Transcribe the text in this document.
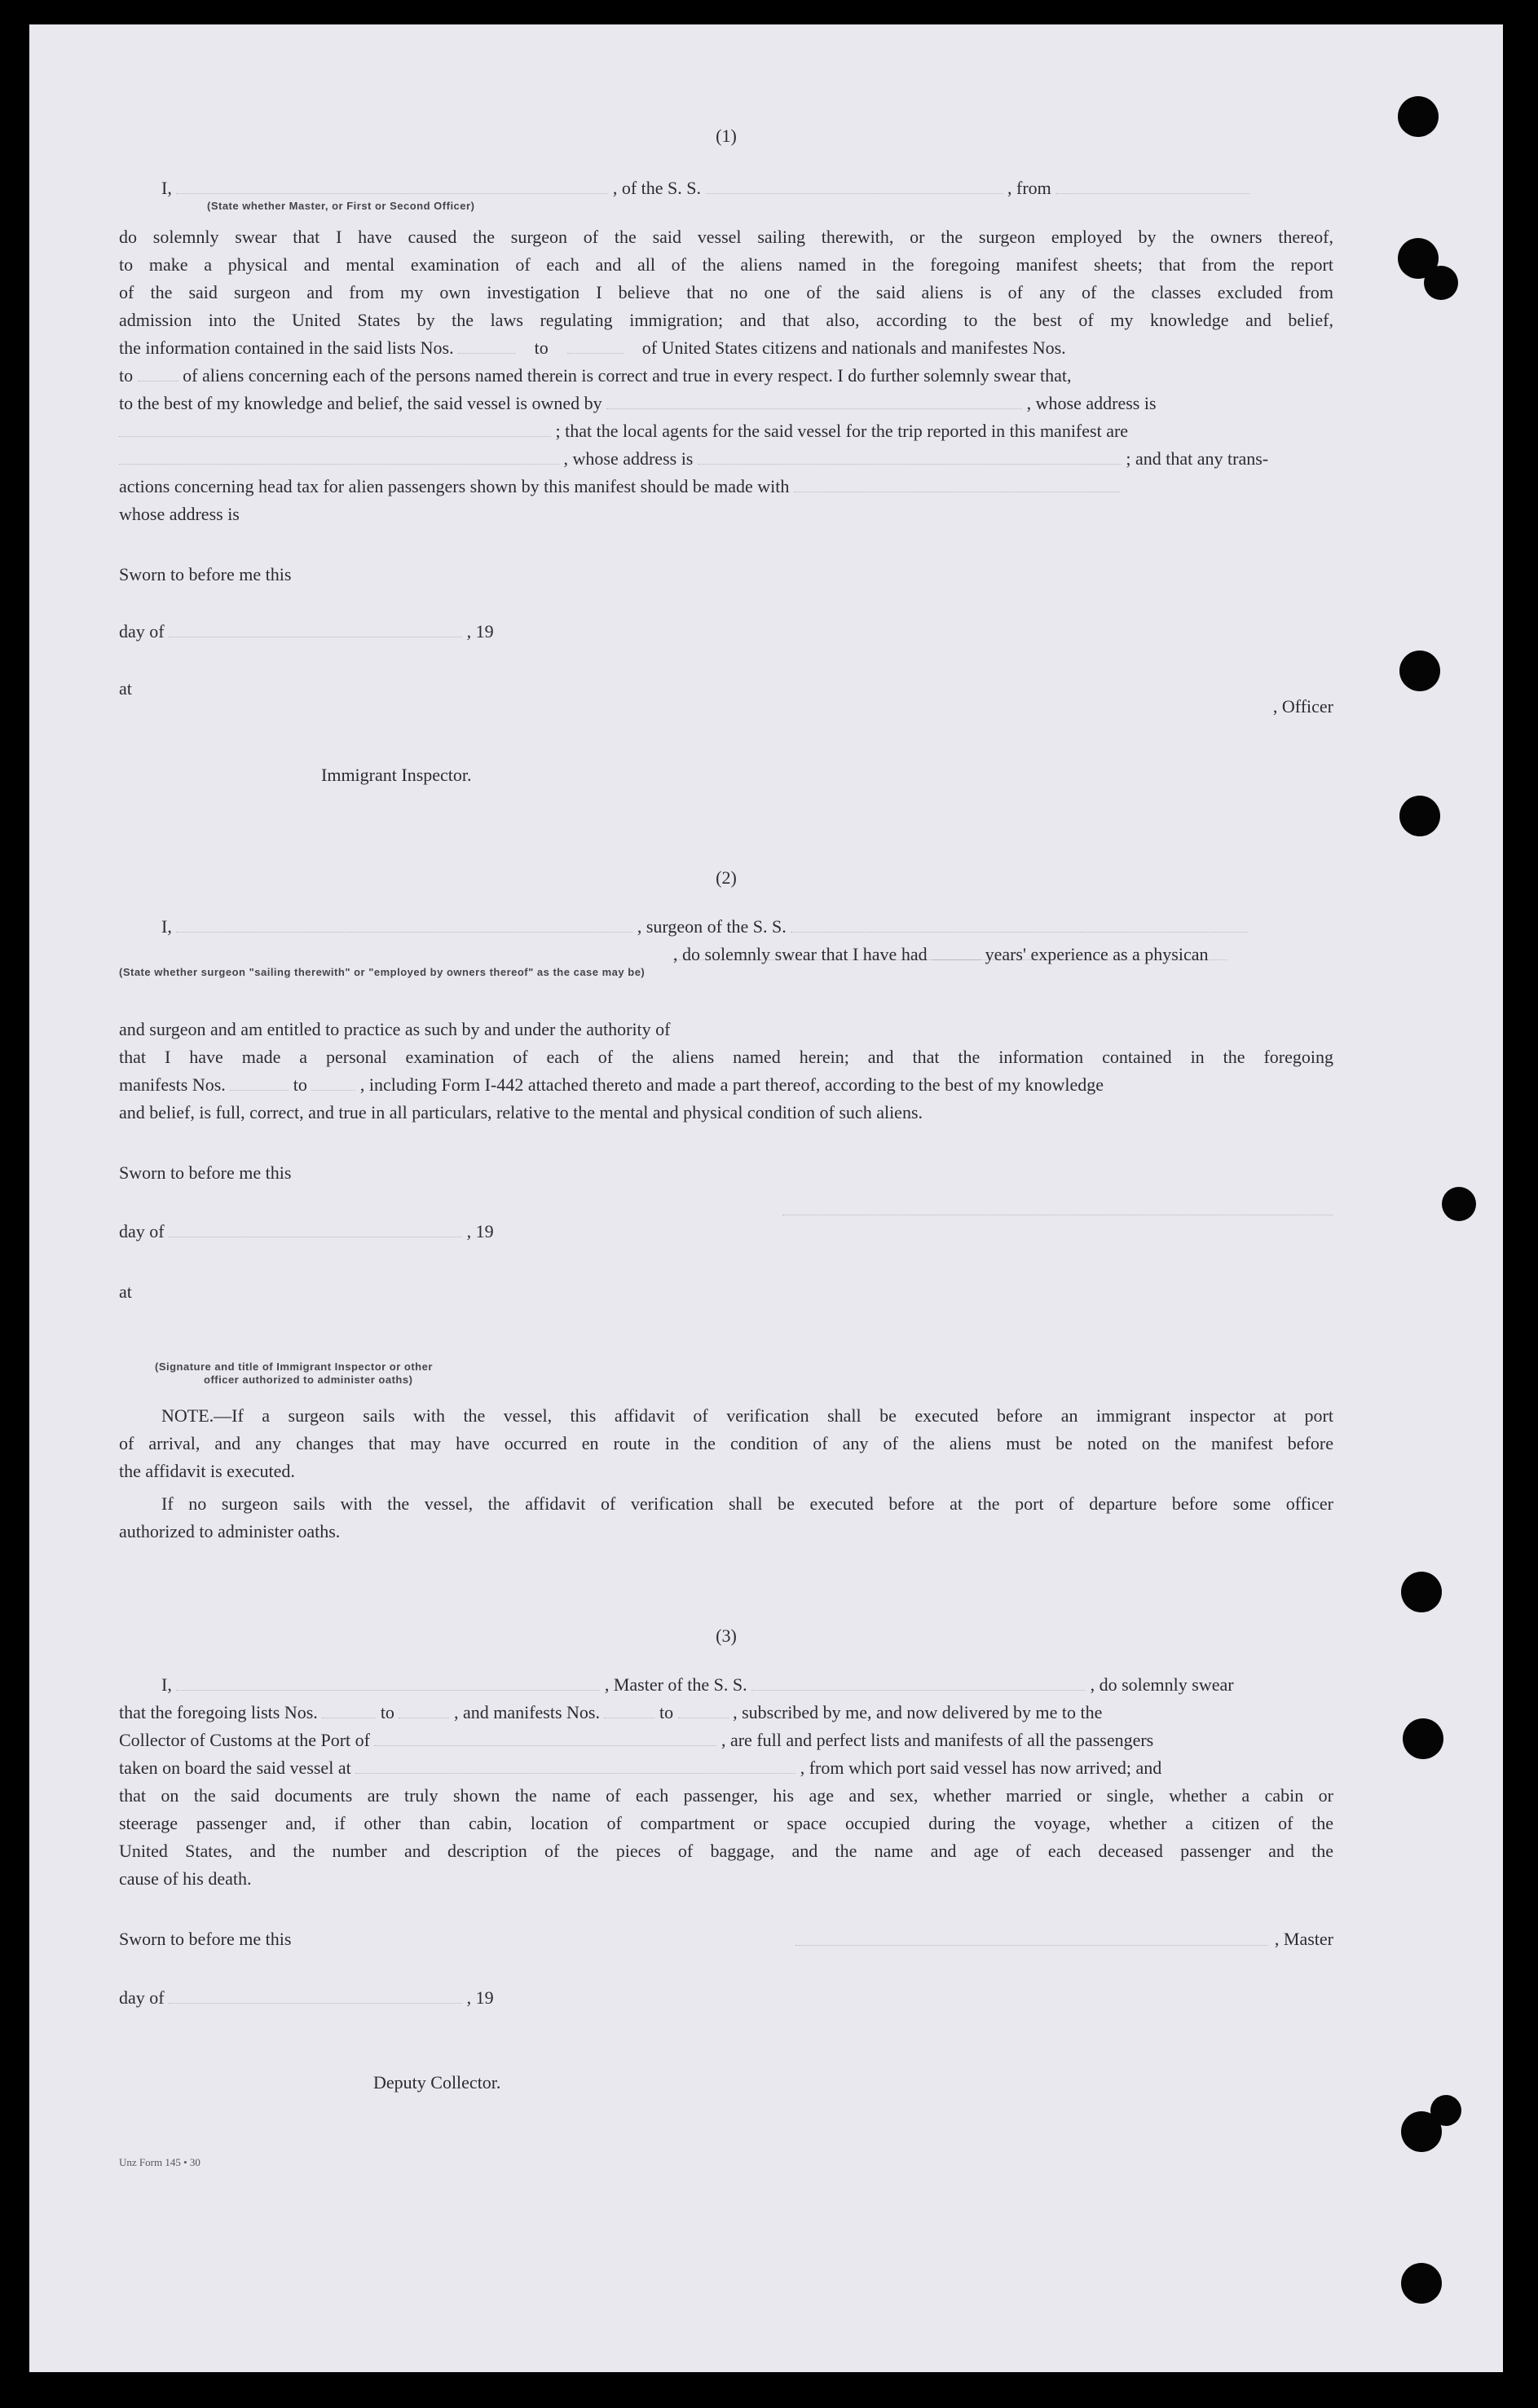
(1)
I,	, of the S. S.	, from
(State whether Master, or First or Second Officer)
do solemnly swear that I have caused the surgeon of the said vessel sailing therewith, or the surgeon employed by the owners thereof,
to make a physical and mental examination of each and all of the aliens named in the foregoing manifest sheets; that from the report
of the said surgeon and from my own investigation I believe that no one of the said aliens is of any of the classes excluded from
admission into the United States by the laws regulating immigration; and that also, according to the best of my knowledge and belief,
the information contained in the said lists Nos.	to	of United States citizens and nationals and manifestes Nos.
to	of aliens concerning each of the persons named therein is correct and true in every respect. I do further solemnly swear that,
to the best of my knowledge and belief, the said vessel is owned by	, whose address is
; that the local agents for the said vessel for the trip reported in this manifest are
, whose address is	; and that any trans-
actions concerning head tax for alien passengers shown by this manifest should be made with
whose address is
Sworn to before me this
day of	, 19
at
, Officer
Immigrant Inspector.
(2)
I,	, surgeon of the S. S.
, do solemnly swear that I have had	years' experience as a physican
(State whether surgeon "sailing therewith" or "employed by owners thereof" as the case may be)
and surgeon and am entitled to practice as such by and under the authority of
that I have made a personal examination of each of the aliens named herein; and that the information contained in the foregoing
manifests Nos.	to	, including Form I-442 attached thereto and made a part thereof, according to the best of my knowledge
and belief, is full, correct, and true in all particulars, relative to the mental and physical condition of such aliens.
Sworn to before me this
day of	, 19
at
(Signature and title of Immigrant Inspector or other
officer authorized to administer oaths)
NOTE.—If a surgeon sails with the vessel, this affidavit of verification shall be executed before an immigrant inspector at port
of arrival, and any changes that may have occurred en route in the condition of any of the aliens must be noted on the manifest before
the affidavit is executed.
If no surgeon sails with the vessel, the affidavit of verification shall be executed before at the port of departure before some officer
authorized to administer oaths.
(3)
I,	, Master of the S. S.	, do solemnly swear
that the foregoing lists Nos.	to	, and manifests Nos.	to	, subscribed by me, and now delivered by me to the
Collector of Customs at the Port of	, are full and perfect lists and manifests of all the passengers
taken on board the said vessel at	, from which port said vessel has now arrived; and
that on the said documents are truly shown the name of each passenger, his age and sex, whether married or single, whether a cabin or
steerage passenger and, if other than cabin, location of compartment or space occupied during the voyage, whether a citizen of the
United States, and the number and description of the pieces of baggage, and the name and age of each deceased passenger and the
cause of his death.
Sworn to before me this	, Master
day of	, 19
Deputy Collector.
Unz Form 145 • 30
